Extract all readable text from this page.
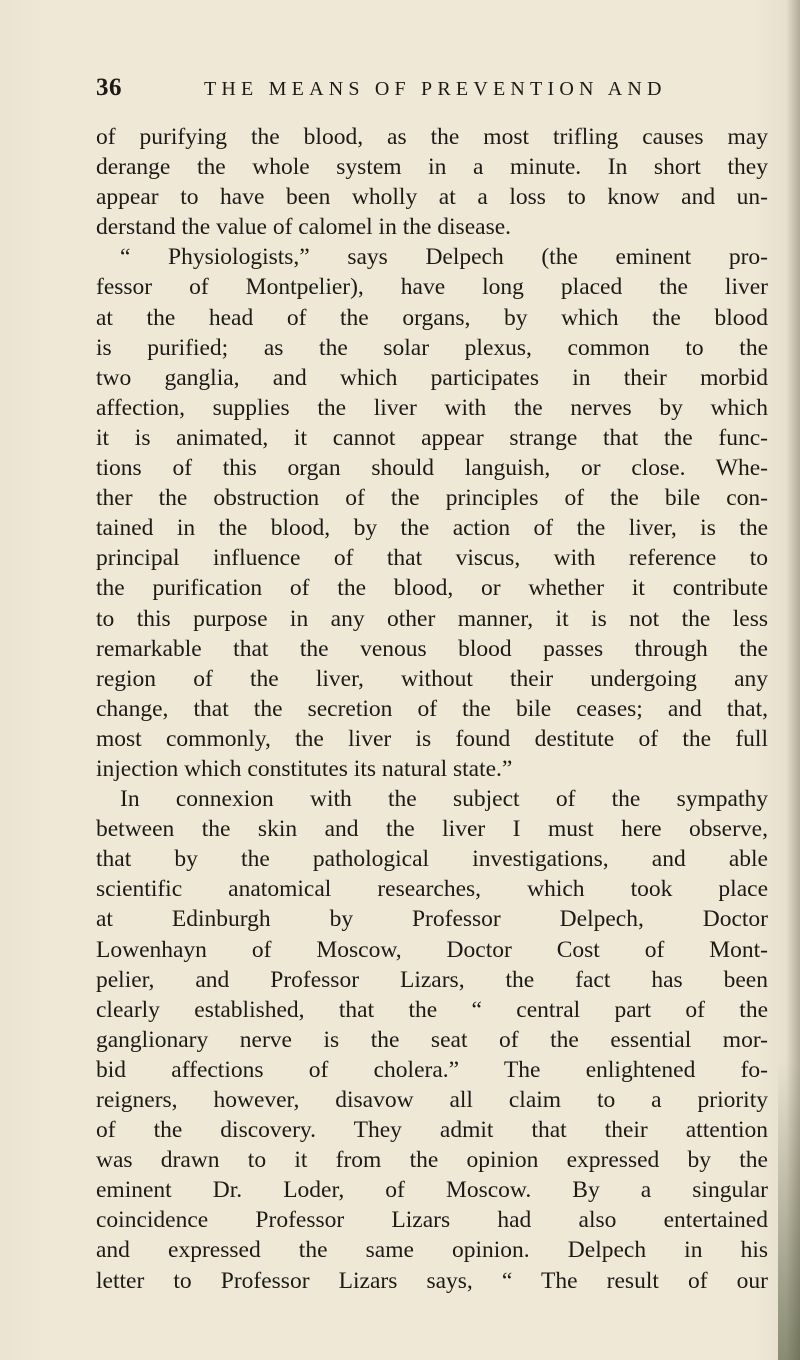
36	THE MEANS OF PREVENTION AND
of purifying the blood, as the most trifling causes may
derange the whole system in a minute. In short they
appear to have been wholly at a loss to know and un-
derstand the value of calomel in the disease.
“ Physiologists,” says Delpech (the eminent pro-
fessor of Montpelier), have long placed the liver
at the head of the organs, by which the blood
is purified; as the solar plexus, common to the
two ganglia, and which participates in their morbid
affection, supplies the liver with the nerves by which
it is animated, it cannot appear strange that the func-
tions of this organ should languish, or close. Whe-
ther the obstruction of the principles of the bile con-
tained in the blood, by the action of the liver, is the
principal influence of that viscus, with reference to
the purification of the blood, or whether it contribute
to this purpose in any other manner, it is not the less
remarkable that the venous blood passes through the
region of the liver, without their undergoing any
change, that the secretion of the bile ceases; and that,
most commonly, the liver is found destitute of the full
injection which constitutes its natural state.”
In connexion with the subject of the sympathy
between the skin and the liver I must here observe,
that by the pathological investigations, and able
scientific anatomical researches, which took place
at Edinburgh by Professor Delpech, Doctor
Lowenhayn of Moscow, Doctor Cost of Mont-
pelier, and Professor Lizars, the fact has been
clearly established, that the “ central part of the
ganglionary nerve is the seat of the essential mor-
bid affections of cholera.” The enlightened fo-
reigners, however, disavow all claim to a priority
of the discovery. They admit that their attention
was drawn to it from the opinion expressed by the
eminent Dr. Loder, of Moscow. By a singular
coincidence Professor Lizars had also entertained
and expressed the same opinion. Delpech in his
letter to Professor Lizars says, “ The result of our
